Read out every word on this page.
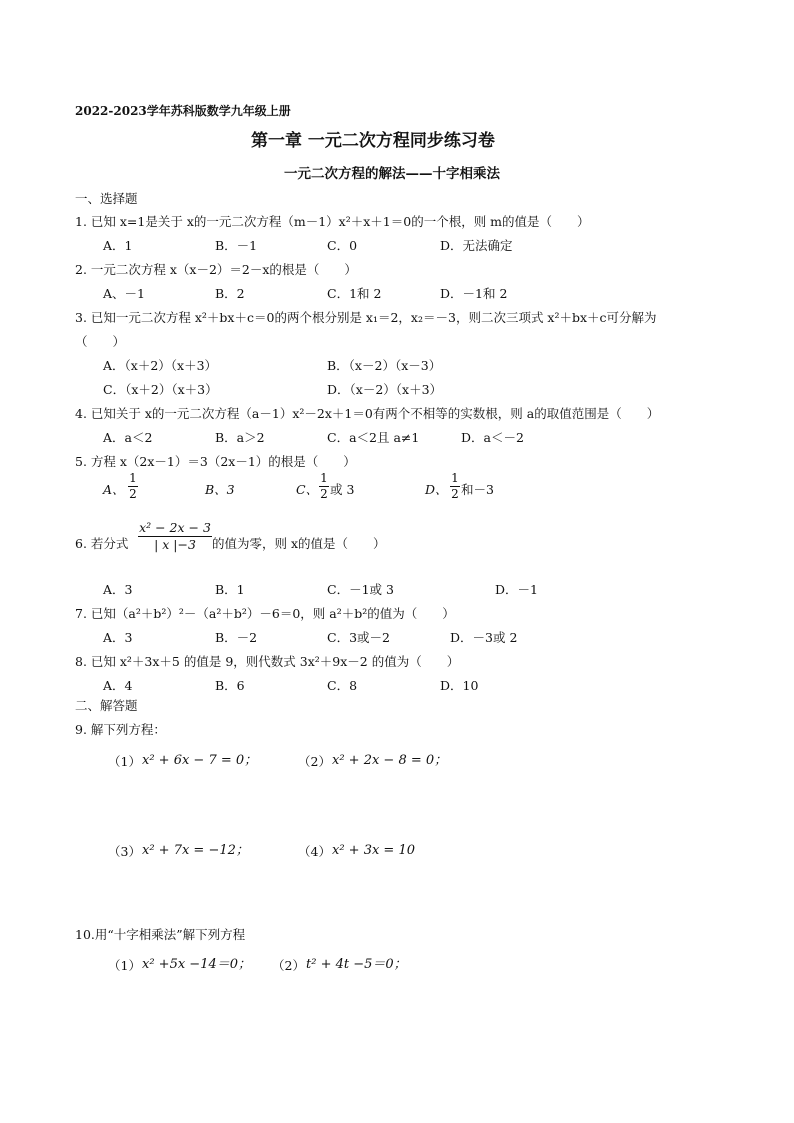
2022-2023学年苏科版数学九年级上册
第一章 一元二次方程同步练习卷
一元二次方程的解法——十字相乘法
一、选择题
1. 已知 x=1是关于 x的一元二次方程（m－1）x²＋x＋1＝0的一个根，则 m的值是（　　）
A．1	B．－1	C．0	D．无法确定
2. 一元二次方程 x（x－2）＝2－x的根是（　　）
A、－1	B．2	C．1和 2	D．－1和 2
3. 已知一元二次方程 x²＋bx＋c＝0的两个根分别是 x₁＝2，x₂＝－3，则二次三项式 x²＋bx＋c可分解为
（　　）
A．（x＋2）（x＋3）	B．（x－2）（x－3）
C．（x＋2）（x＋3）	D．（x－2）（x＋3）
4. 已知关于 x的一元二次方程（a－1）x²－2x＋1＝0有两个不相等的实数根，则 a的取值范围是（　　）
A．a＜2	B．a＞2	C．a＜2且 a≠1	D．a＜－2
5. 方程 x（2x－1）＝3（2x－1）的根是（　　）
A、
1
2	B、3	C、
1
2 或 3	D、
1
2 和－3
6. 若分式
x² − 2x − 3
| x |−3	的值为零，则 x的值是（　　）
A．3	B．1	C．－1或 3	D．－1
7. 已知（a²＋b²）²－（a²＋b²）－6＝0，则 a²＋b²的值为（　　）
A．3	B．－2	C．3或－2	D．－3或 2
8. 已知 x²＋3x＋5 的值是 9，则代数式 3x²＋9x－2 的值为（　　）
A．4	B．6	C．8	D．10
二、解答题
9. 解下列方程：
（1） x² + 6x − 7 = 0；	（2） x² + 2x − 8 = 0；
（3） x² + 7x = −12；	（4） x² + 3x = 10
10.用“十字相乘法”解下列方程
（1） x² +5x −14＝0； （2） t² + 4t −5＝0；
